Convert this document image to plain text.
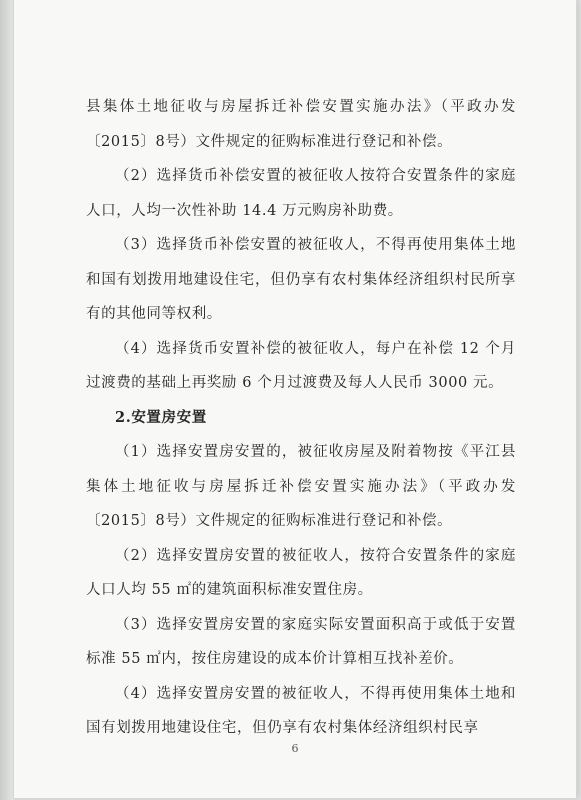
县集体土地征收与房屋拆迁补偿安置实施办法》（平政办发〔2015〕8号）文件规定的征购标准进行登记和补偿。

（2）选择货币补偿安置的被征收人按符合安置条件的家庭人口，人均一次性补助 14.4 万元购房补助费。

（3）选择货币补偿安置的被征收人，不得再使用集体土地和国有划拨用地建设住宅，但仍享有农村集体经济组织村民所享有的其他同等权利。

（4）选择货币安置补偿的被征收人，每户在补偿 12 个月过渡费的基础上再奖励 6 个月过渡费及每人人民币 3000 元。

2.安置房安置

（1）选择安置房安置的，被征收房屋及附着物按《平江县集体土地征收与房屋拆迁补偿安置实施办法》（平政办发〔2015〕8号）文件规定的征购标准进行登记和补偿。

（2）选择安置房安置的被征收人，按符合安置条件的家庭人口人均 55 ㎡的建筑面积标准安置住房。

（3）选择安置房安置的家庭实际安置面积高于或低于安置标准 55 ㎡内，按住房建设的成本价计算相互找补差价。

（4）选择安置房安置的被征收人，不得再使用集体土地和国有划拨用地建设住宅，但仍享有农村集体经济组织村民享

6
